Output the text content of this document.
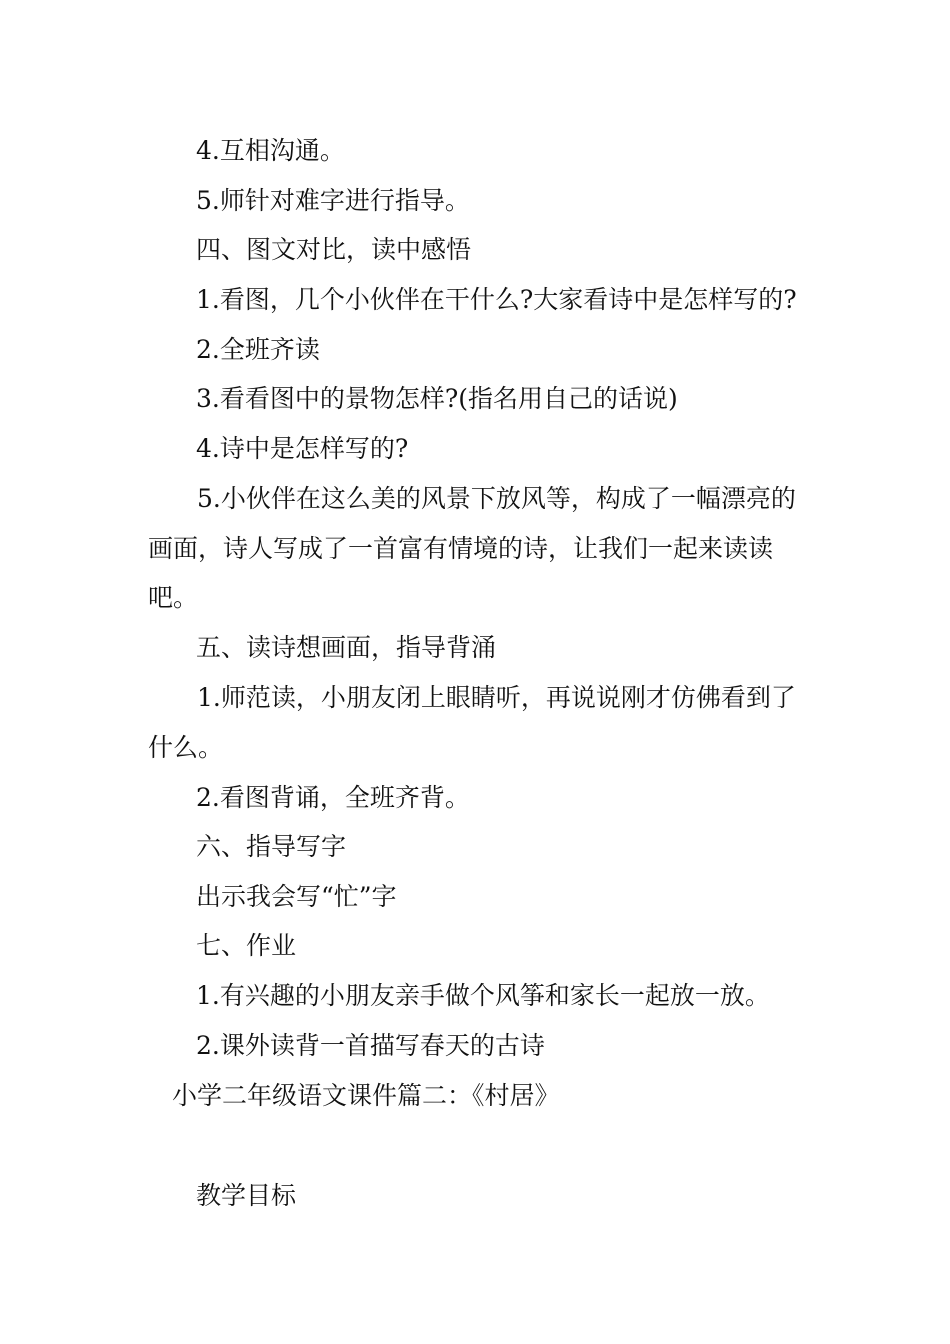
4.互相沟通。
5.师针对难字进行指导。
四、图文对比，读中感悟
1.看图，几个小伙伴在干什么?大家看诗中是怎样写的?
2.全班齐读
3.看看图中的景物怎样?(指名用自己的话说)
4.诗中是怎样写的?
5.小伙伴在这么美的风景下放风等，构成了一幅漂亮的画面，诗人写成了一首富有情境的诗，让我们一起来读读吧。
五、读诗想画面，指导背涌
1.师范读，小朋友闭上眼睛听，再说说刚才仿佛看到了什么。
2.看图背诵，全班齐背。
六、指导写字
出示我会写“忙”字
七、作业
1.有兴趣的小朋友亲手做个风筝和家长一起放一放。
2.课外读背一首描写春天的古诗
小学二年级语文课件篇二：《村居》
教学目标
